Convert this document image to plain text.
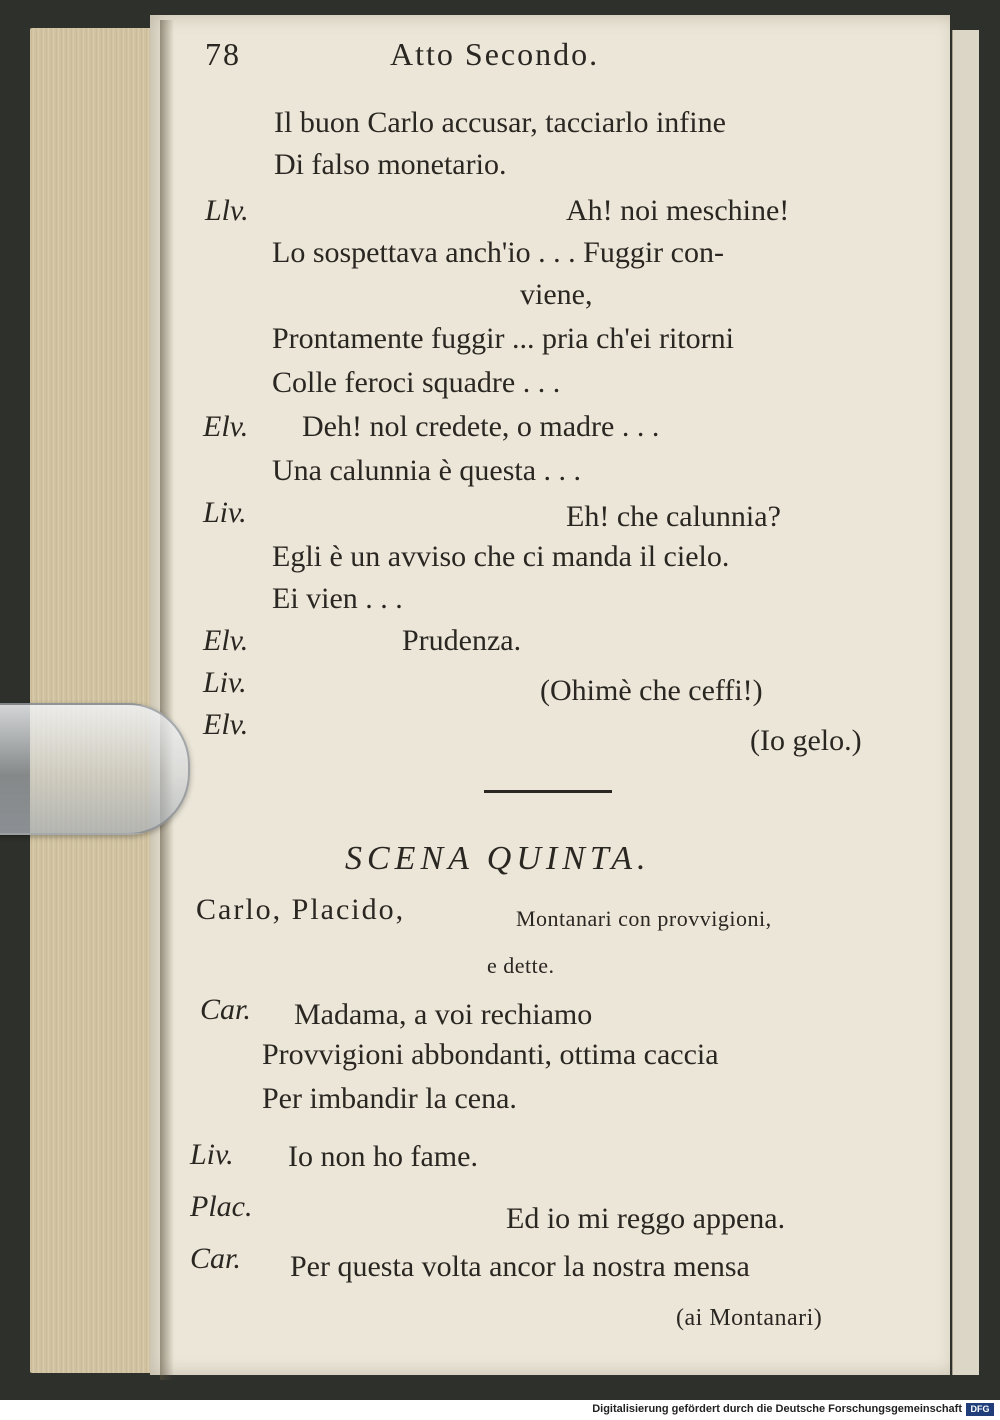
78	Atto Secondo.
Il buon Carlo accusar, tacciarlo infine
Di falso monetario.
Llv.	Ah! noi meschine!
Lo sospettava anch'io . . . Fuggir con-
viene,
Prontamente fuggir ... pria ch'ei ritorni
Colle feroci squadre . . .
Elv. Deh! nol credete, o madre . . .
Una calunnia è questa . . .
Liv.	Eh! che calunnia?
Egli è un avviso che ci manda il cielo.
Ei vien . . .
Elv.	Prudenza.
Liv.	(Ohimè che ceffi!)
Elv.	(Io gelo.)
SCENA QUINTA.
Carlo, Placido,	Montanari con provvigioni,
e dette.
Car. Madama, a voi rechiamo
Provvigioni abbondanti, ottima caccia
Per imbandir la cena.
Liv. Io non ho fame.
Plac.	Ed io mi reggo appena.
Car. Per questa volta ancor la nostra mensa
(ai Montanari)
Digitalisierung gefördert durch die Deutsche Forschungsgemeinschaft DFG
